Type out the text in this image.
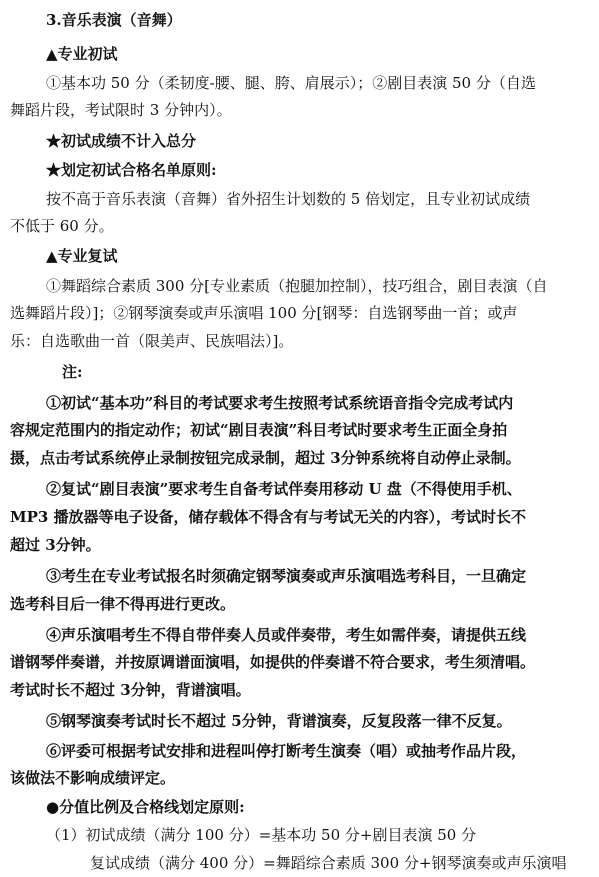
3.音乐表演（音舞）
▲专业初试
①基本功 50 分（柔韧度-腰、腿、胯、肩展示）；②剧目表演 50 分（自选
舞蹈片段，考试限时 3 分钟内）。
★初试成绩不计入总分
★划定初试合格名单原则:
按不高于音乐表演（音舞）省外招生计划数的 5 倍划定，且专业初试成绩
不低于 60 分。
▲专业复试
①舞蹈综合素质 300 分[专业素质（抱腿加控制），技巧组合，剧目表演（自
选舞蹈片段）]；②钢琴演奏或声乐演唱 100 分[钢琴：自选钢琴曲一首；或声
乐：自选歌曲一首（限美声、民族唱法）]。
注:
①初试“基本功”科目的考试要求考生按照考试系统语音指令完成考试内
容规定范围内的指定动作；初试“剧目表演”科目考试时要求考生正面全身拍
摄，点击考试系统停止录制按钮完成录制，超过 3分钟系统将自动停止录制。
②复试“剧目表演”要求考生自备考试伴奏用移动 U 盘（不得使用手机、
MP3 播放器等电子设备，储存载体不得含有与考试无关的内容），考试时长不
超过 3分钟。
③考生在专业考试报名时须确定钢琴演奏或声乐演唱选考科目，一旦确定
选考科目后一律不得再进行更改。
④声乐演唱考生不得自带伴奏人员或伴奏带，考生如需伴奏，请提供五线
谱钢琴伴奏谱，并按原调谱面演唱，如提供的伴奏谱不符合要求，考生须清唱。
考试时长不超过 3分钟，背谱演唱。
⑤钢琴演奏考试时长不超过 5分钟，背谱演奏，反复段落一律不反复。
⑥评委可根据考试安排和进程叫停打断考生演奏（唱）或抽考作品片段，
该做法不影响成绩评定。
●分值比例及合格线划定原则:
（1）初试成绩（满分 100 分）=基本功 50 分+剧目表演 50 分
复试成绩（满分 400 分）=舞蹈综合素质 300 分+钢琴演奏或声乐演唱
